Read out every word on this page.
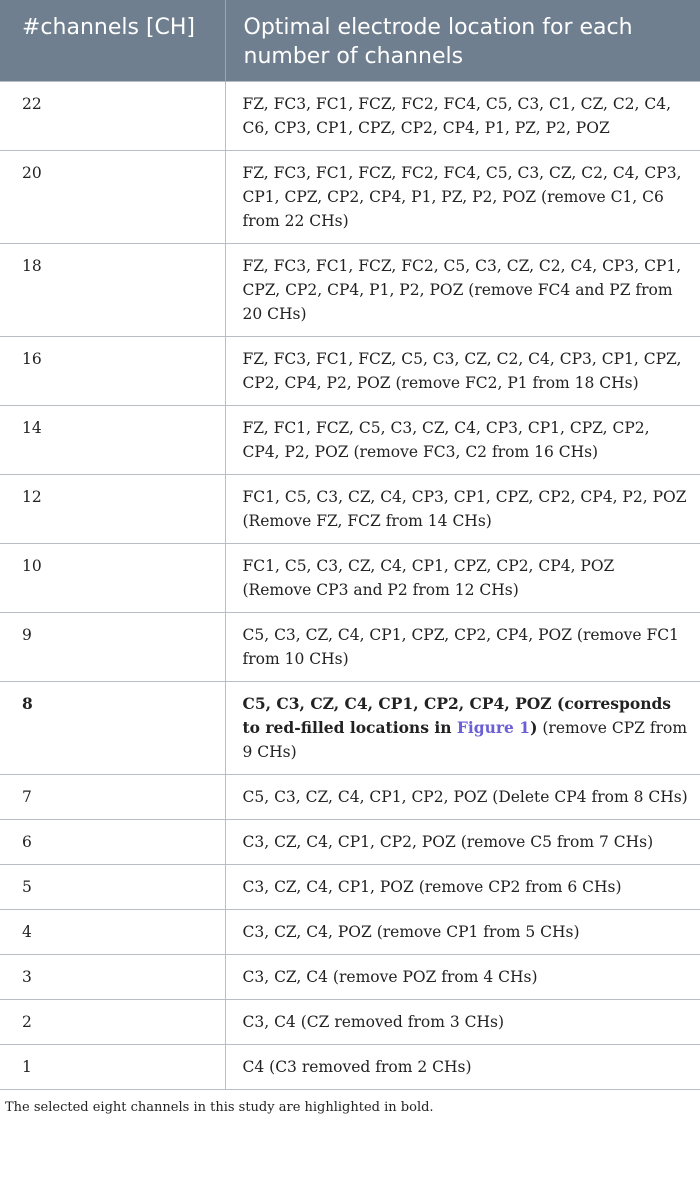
#channels [CH]	Optimal electrode location for each number of channels
22	FZ, FC3, FC1, FCZ, FC2, FC4, C5, C3, C1, CZ, C2, C4, C6, CP3, CP1, CPZ, CP2, CP4, P1, PZ, P2, POZ
20	FZ, FC3, FC1, FCZ, FC2, FC4, C5, C3, CZ, C2, C4, CP3, CP1, CPZ, CP2, CP4, P1, PZ, P2, POZ (remove C1, C6 from 22 CHs)
18	FZ, FC3, FC1, FCZ, FC2, C5, C3, CZ, C2, C4, CP3, CP1, CPZ, CP2, CP4, P1, P2, POZ (remove FC4 and PZ from 20 CHs)
16	FZ, FC3, FC1, FCZ, C5, C3, CZ, C2, C4, CP3, CP1, CPZ, CP2, CP4, P2, POZ (remove FC2, P1 from 18 CHs)
14	FZ, FC1, FCZ, C5, C3, CZ, C4, CP3, CP1, CPZ, CP2, CP4, P2, POZ (remove FC3, C2 from 16 CHs)
12	FC1, C5, C3, CZ, C4, CP3, CP1, CPZ, CP2, CP4, P2, POZ (Remove FZ, FCZ from 14 CHs)
10	FC1, C5, C3, CZ, C4, CP1, CPZ, CP2, CP4, POZ (Remove CP3 and P2 from 12 CHs)
9	C5, C3, CZ, C4, CP1, CPZ, CP2, CP4, POZ (remove FC1 from 10 CHs)
8	C5, C3, CZ, C4, CP1, CP2, CP4, POZ (corresponds to red-filled locations in Figure 1) (remove CPZ from 9 CHs)
7	C5, C3, CZ, C4, CP1, CP2, POZ (Delete CP4 from 8 CHs)
6	C3, CZ, C4, CP1, CP2, POZ (remove C5 from 7 CHs)
5	C3, CZ, C4, CP1, POZ (remove CP2 from 6 CHs)
4	C3, CZ, C4, POZ (remove CP1 from 5 CHs)
3	C3, CZ, C4 (remove POZ from 4 CHs)
2	C3, C4 (CZ removed from 3 CHs)
1	C4 (C3 removed from 2 CHs)

The selected eight channels in this study are highlighted in bold.
